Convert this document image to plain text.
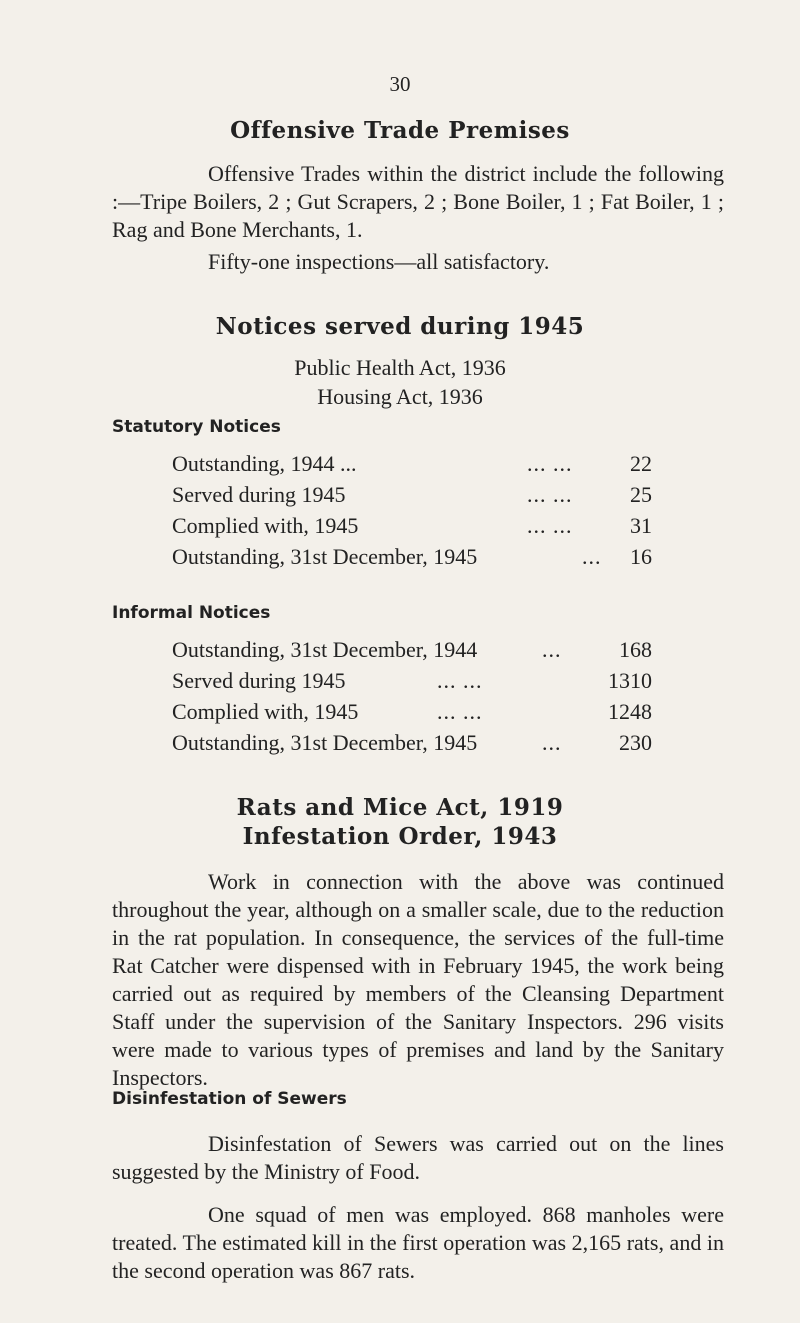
30
Offensive Trade Premises

Offensive Trades within the district include the following :—Tripe Boilers, 2 ; Gut Scrapers, 2 ; Bone Boiler, 1 ; Fat Boiler, 1 ; Rag and Bone Merchants, 1.

Fifty-one inspections—all satisfactory.

Notices served during 1945
Public Health Act, 1936
Housing Act, 1936
Statutory Notices
Outstanding, 1944 ...	... ...	22
Served during 1945	... ...	25
Complied with, 1945	... ...	31
Outstanding, 31st December, 1945	... 16
Informal Notices
Outstanding, 31st December, 1944	...	168
Served during 1945	... ...	1310
Complied with, 1945	... ...	1248
Outstanding, 31st December, 1945	...	230
Rats and Mice Act, 1919
Infestation Order, 1943

Work in connection with the above was continued throughout the year, although on a smaller scale, due to the reduction in the rat population. In consequence, the services of the full-time Rat Catcher were dispensed with in February 1945, the work being carried out as required by members of the Cleansing Department Staff under the supervision of the Sanitary Inspectors. 296 visits were made to various types of premises and land by the Sanitary Inspectors.

Disinfestation of Sewers

Disinfestation of Sewers was carried out on the lines suggested by the Ministry of Food.

One squad of men was employed. 868 manholes were treated. The estimated kill in the first operation was 2,165 rats, and in the second operation was 867 rats.
